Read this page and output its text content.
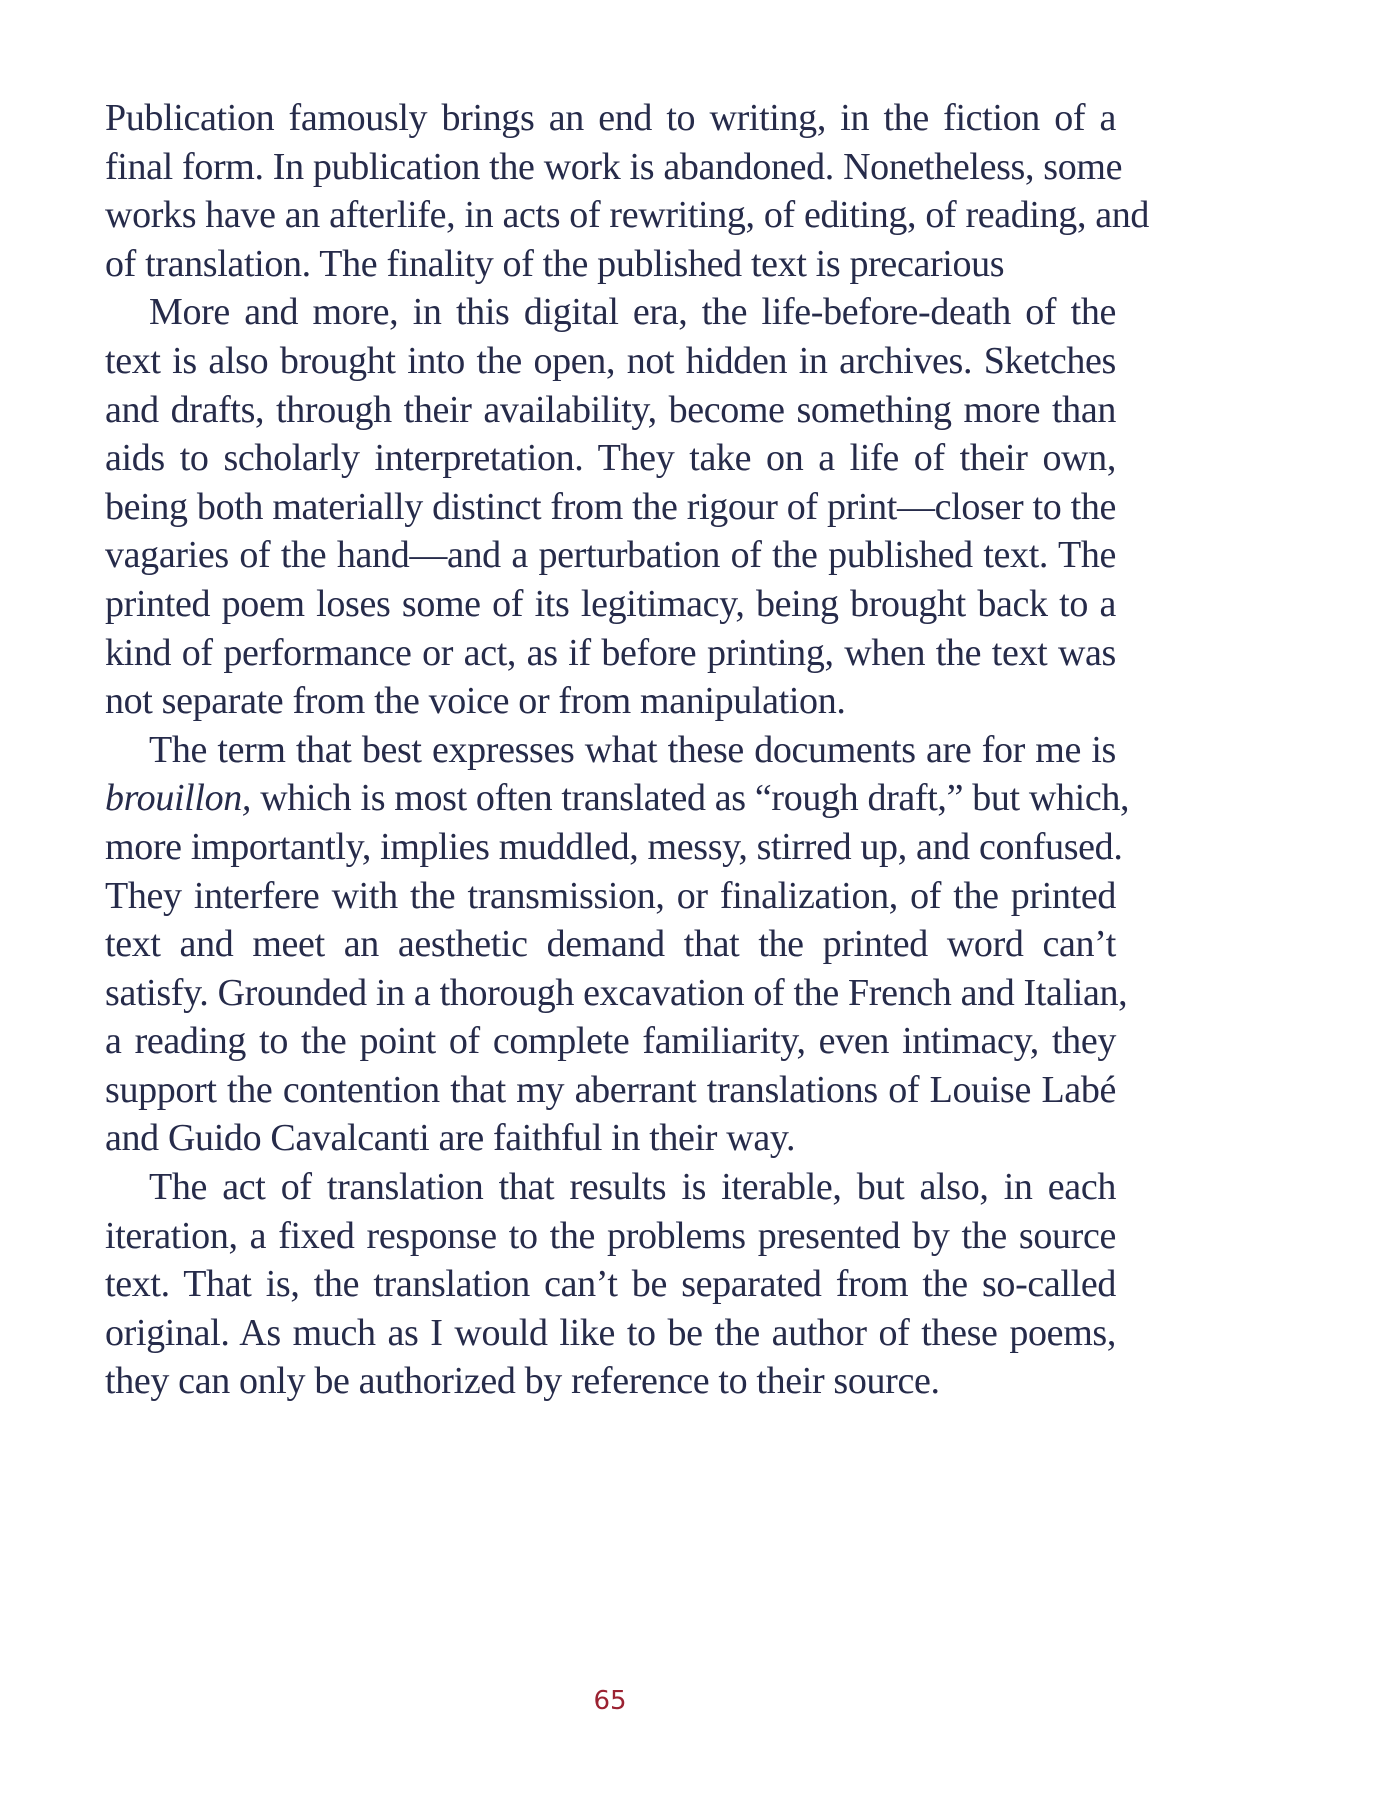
Publication famously brings an end to writing, in the fiction of a
final form. In publication the work is abandoned. Nonetheless, some
works have an afterlife, in acts of rewriting, of editing, of reading, and
of translation. The finality of the published text is precarious
More and more, in this digital era, the life-before-death of the
text is also brought into the open, not hidden in archives. Sketches
and drafts, through their availability, become something more than
aids to scholarly interpretation. They take on a life of their own,
being both materially distinct from the rigour of print—closer to the
vagaries of the hand—and a perturbation of the published text. The
printed poem loses some of its legitimacy, being brought back to a
kind of performance or act, as if before printing, when the text was
not separate from the voice or from manipulation.
The term that best expresses what these documents are for me is
brouillon, which is most often translated as “rough draft,” but which,
more importantly, implies muddled, messy, stirred up, and confused.
They interfere with the transmission, or finalization, of the printed
text and meet an aesthetic demand that the printed word can’t
satisfy. Grounded in a thorough excavation of the French and Italian,
a reading to the point of complete familiarity, even intimacy, they
support the contention that my aberrant translations of Louise Labé
and Guido Cavalcanti are faithful in their way.
The act of translation that results is iterable, but also, in each
iteration, a fixed response to the problems presented by the source
text. That is, the translation can’t be separated from the so-called
original. As much as I would like to be the author of these poems,
they can only be authorized by reference to their source.
65
